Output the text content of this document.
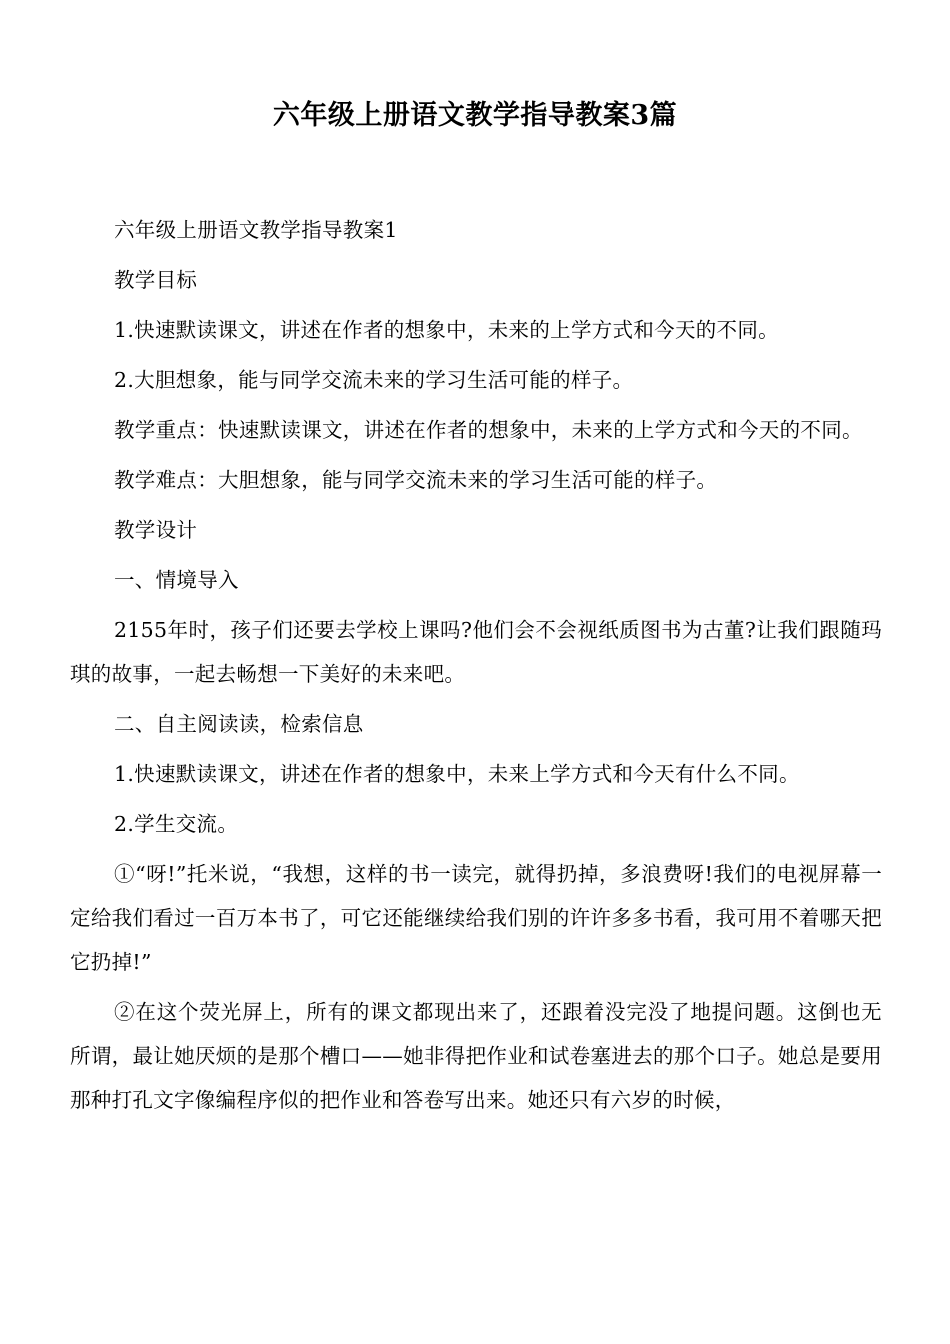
六年级上册语文教学指导教案3篇

六年级上册语文教学指导教案1

教学目标

1.快速默读课文，讲述在作者的想象中，未来的上学方式和今天的不同。

2.大胆想象，能与同学交流未来的学习生活可能的样子。

教学重点：快速默读课文，讲述在作者的想象中，未来的上学方式和今天的不同。

教学难点：大胆想象，能与同学交流未来的学习生活可能的样子。

教学设计

一、情境导入

2155年时，孩子们还要去学校上课吗?他们会不会视纸质图书为古董?让我们跟随玛琪的故事，一起去畅想一下美好的未来吧。

二、自主阅读读，检索信息

1.快速默读课文，讲述在作者的想象中，未来上学方式和今天有什么不同。

2.学生交流。

①“呀!”托米说，“我想，这样的书一读完，就得扔掉，多浪费呀!我们的电视屏幕一定给我们看过一百万本书了，可它还能继续给我们别的许许多多书看，我可用不着哪天把它扔掉!”

②在这个荧光屏上，所有的课文都现出来了，还跟着没完没了地提问题。这倒也无所谓，最让她厌烦的是那个槽口——她非得把作业和试卷塞进去的那个口子。她总是要用那种打孔文字像编程序似的把作业和答卷写出来。她还只有六岁的时候，
